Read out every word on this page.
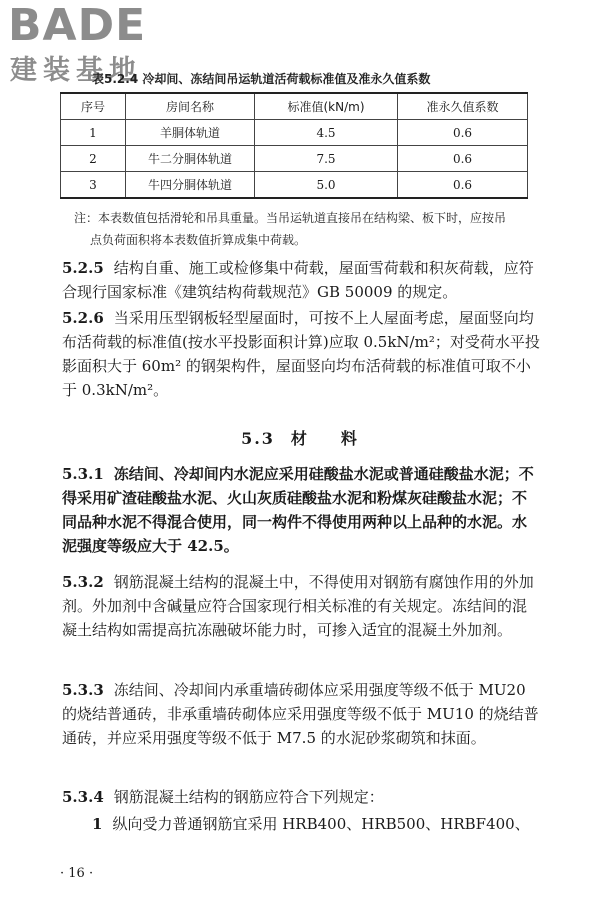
BADE
建装基地
表5.2.4 冷却间、冻结间吊运轨道活荷载标准值及准永久值系数
序号	房间名称	标准值(kN/m)	准永久值系数
1	羊胴体轨道	4.5	0.6
2	牛二分胴体轨道	7.5	0.6
3	牛四分胴体轨道	5.0	0.6
注：本表数值包括滑轮和吊具重量。当吊运轨道直接吊在结构梁、板下时，应按吊
点负荷面积将本表数值折算成集中荷载。

5.2.5 结构自重、施工或检修集中荷载，屋面雪荷载和积灰荷载，应符合现行国家标准《建筑结构荷载规范》GB 50009 的规定。

5.2.6 当采用压型钢板轻型屋面时，可按不上人屋面考虑，屋面竖向均布活荷载的标准值(按水平投影面积计算)应取 0.5kN/m²；对受荷水平投影面积大于 60m² 的钢架构件，屋面竖向均布活荷载的标准值可取不小于 0.3kN/m²。

5.3 材 料

5.3.1 冻结间、冷却间内水泥应采用硅酸盐水泥或普通硅酸盐水泥；不得采用矿渣硅酸盐水泥、火山灰质硅酸盐水泥和粉煤灰硅酸盐水泥；不同品种水泥不得混合使用，同一构件不得使用两种以上品种的水泥。水泥强度等级应大于 42.5。

5.3.2 钢筋混凝土结构的混凝土中，不得使用对钢筋有腐蚀作用的外加剂。外加剂中含碱量应符合国家现行相关标准的有关规定。冻结间的混凝土结构如需提高抗冻融破坏能力时，可掺入适宜的混凝土外加剂。

5.3.3 冻结间、冷却间内承重墙砖砌体应采用强度等级不低于 MU20 的烧结普通砖，非承重墙砖砌体应采用强度等级不低于 MU10 的烧结普通砖，并应采用强度等级不低于 M7.5 的水泥砂浆砌筑和抹面。

5.3.4 钢筋混凝土结构的钢筋应符合下列规定：

1 纵向受力普通钢筋宜采用 HRB400、HRB500、HRBF400、

· 16 ·
